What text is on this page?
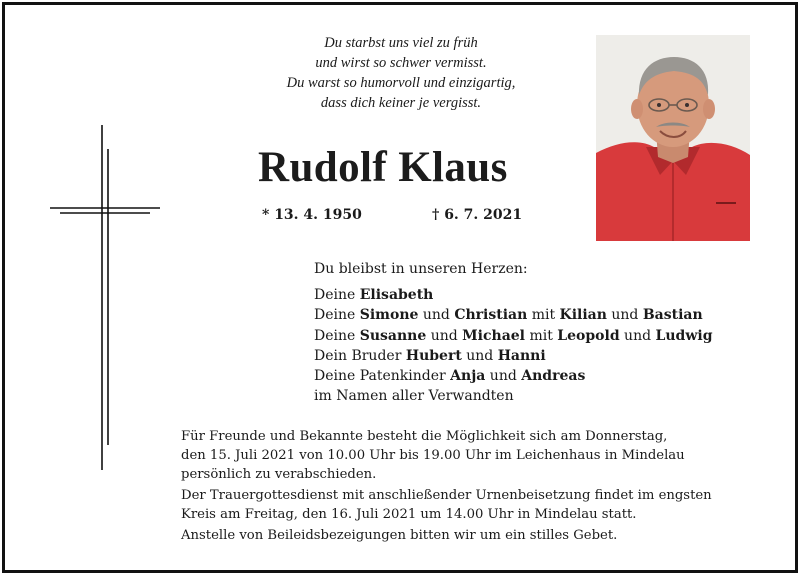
Du starbst uns viel zu früh
und wirst so schwer vermisst.
Du warst so humorvoll und einzigartig,
dass dich keiner je vergisst.
Rudolf Klaus
* 13. 4. 1950	† 6. 7. 2021
Du bleibst in unseren Herzen:
Deine Elisabeth
Deine Simone und Christian mit Kilian und Bastian
Deine Susanne und Michael mit Leopold und Ludwig
Dein Bruder Hubert und Hanni
Deine Patenkinder Anja und Andreas
im Namen aller Verwandten
Für Freunde und Bekannte besteht die Möglichkeit sich am Donnerstag,
den 15. Juli 2021 von 10.00 Uhr bis 19.00 Uhr im Leichenhaus in Mindelau
persönlich zu verabschieden.
Der Trauergottesdienst mit anschließender Urnenbeisetzung findet im engsten
Kreis am Freitag, den 16. Juli 2021 um 14.00 Uhr in Mindelau statt.
Anstelle von Beileidsbezeigungen bitten wir um ein stilles Gebet.
